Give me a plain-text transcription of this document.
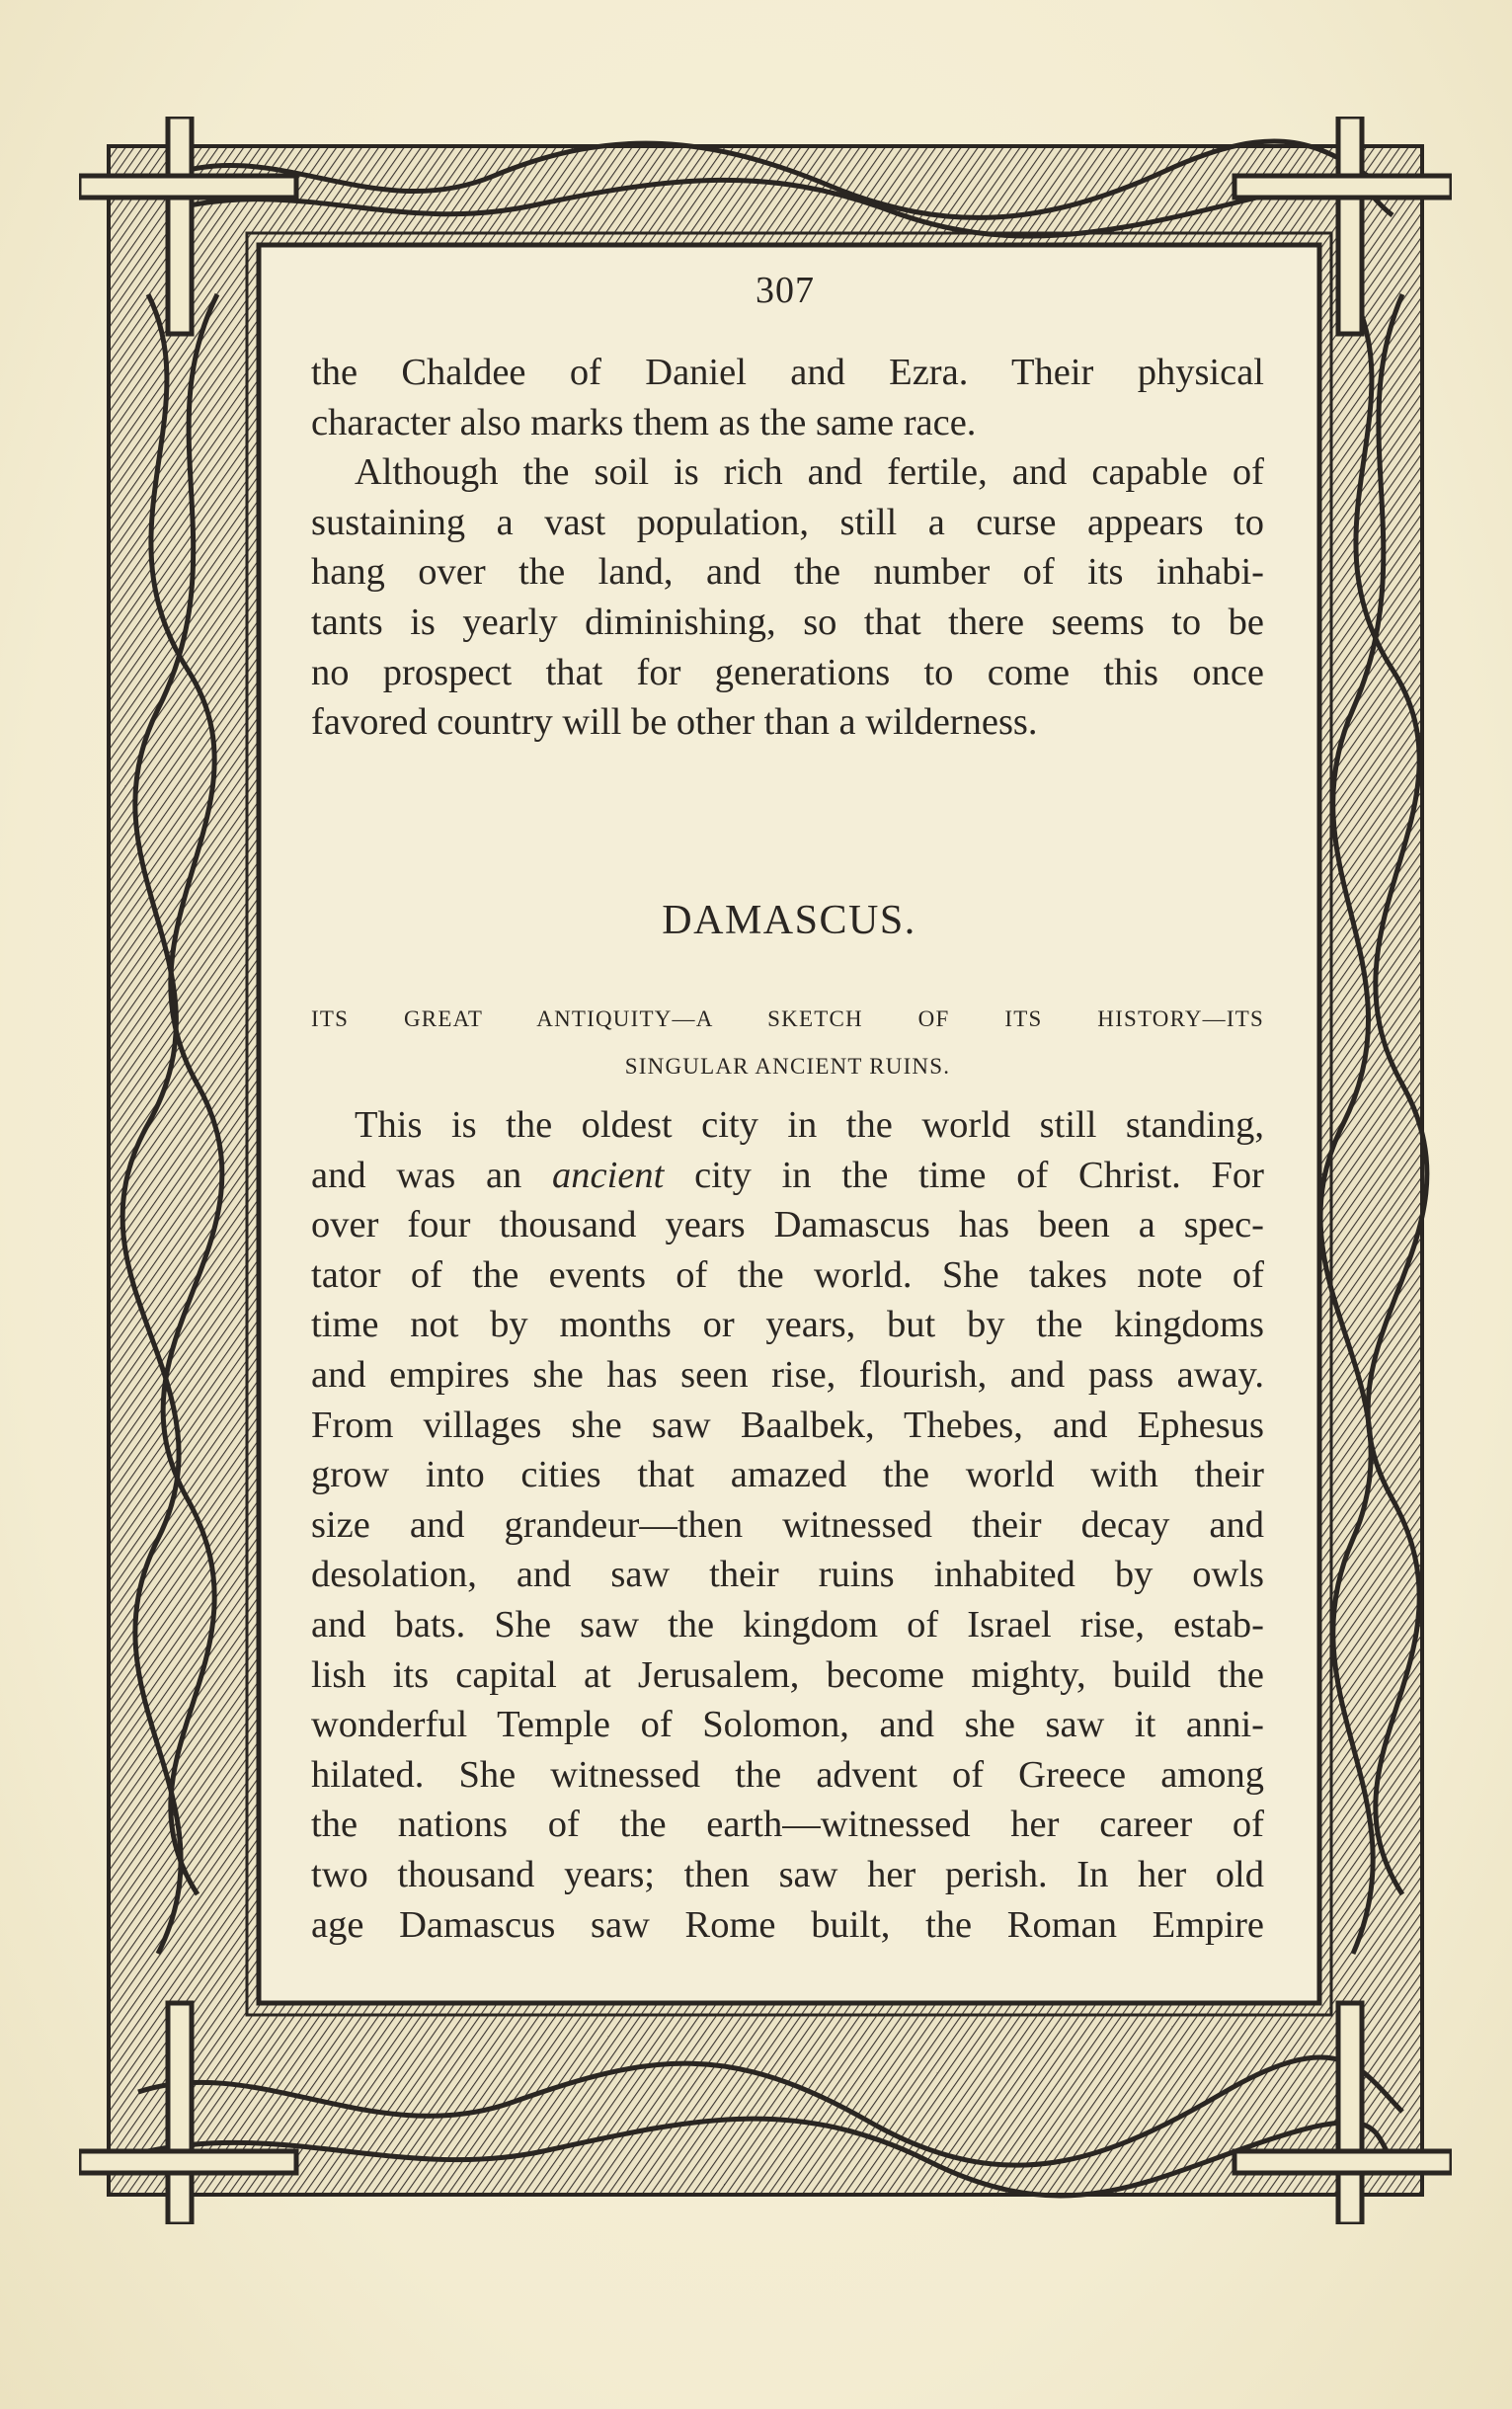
307

the Chaldee of Daniel and Ezra. Their physical
character also marks them as the same race.

Although the soil is rich and fertile, and capable of
sustaining a vast population, still a curse appears to
hang over the land, and the number of its inhabi-
tants is yearly diminishing, so that there seems to be
no prospect that for generations to come this once
favored country will be other than a wilderness.

DAMASCUS.
ITS GREAT ANTIQUITY—A SKETCH OF ITS HISTORY—ITS
SINGULAR ANCIENT RUINS.

This is the oldest city in the world still standing,
and was an ancient city in the time of Christ. For
over four thousand years Damascus has been a spec-
tator of the events of the world. She takes note of
time not by months or years, but by the kingdoms
and empires she has seen rise, flourish, and pass away.
From villages she saw Baalbek, Thebes, and Ephesus
grow into cities that amazed the world with their
size and grandeur—then witnessed their decay and
desolation, and saw their ruins inhabited by owls
and bats. She saw the kingdom of Israel rise, estab-
lish its capital at Jerusalem, become mighty, build the
wonderful Temple of Solomon, and she saw it anni-
hilated. She witnessed the advent of Greece among
the nations of the earth—witnessed her career of
two thousand years; then saw her perish. In her old
age Damascus saw Rome built, the Roman Empire
